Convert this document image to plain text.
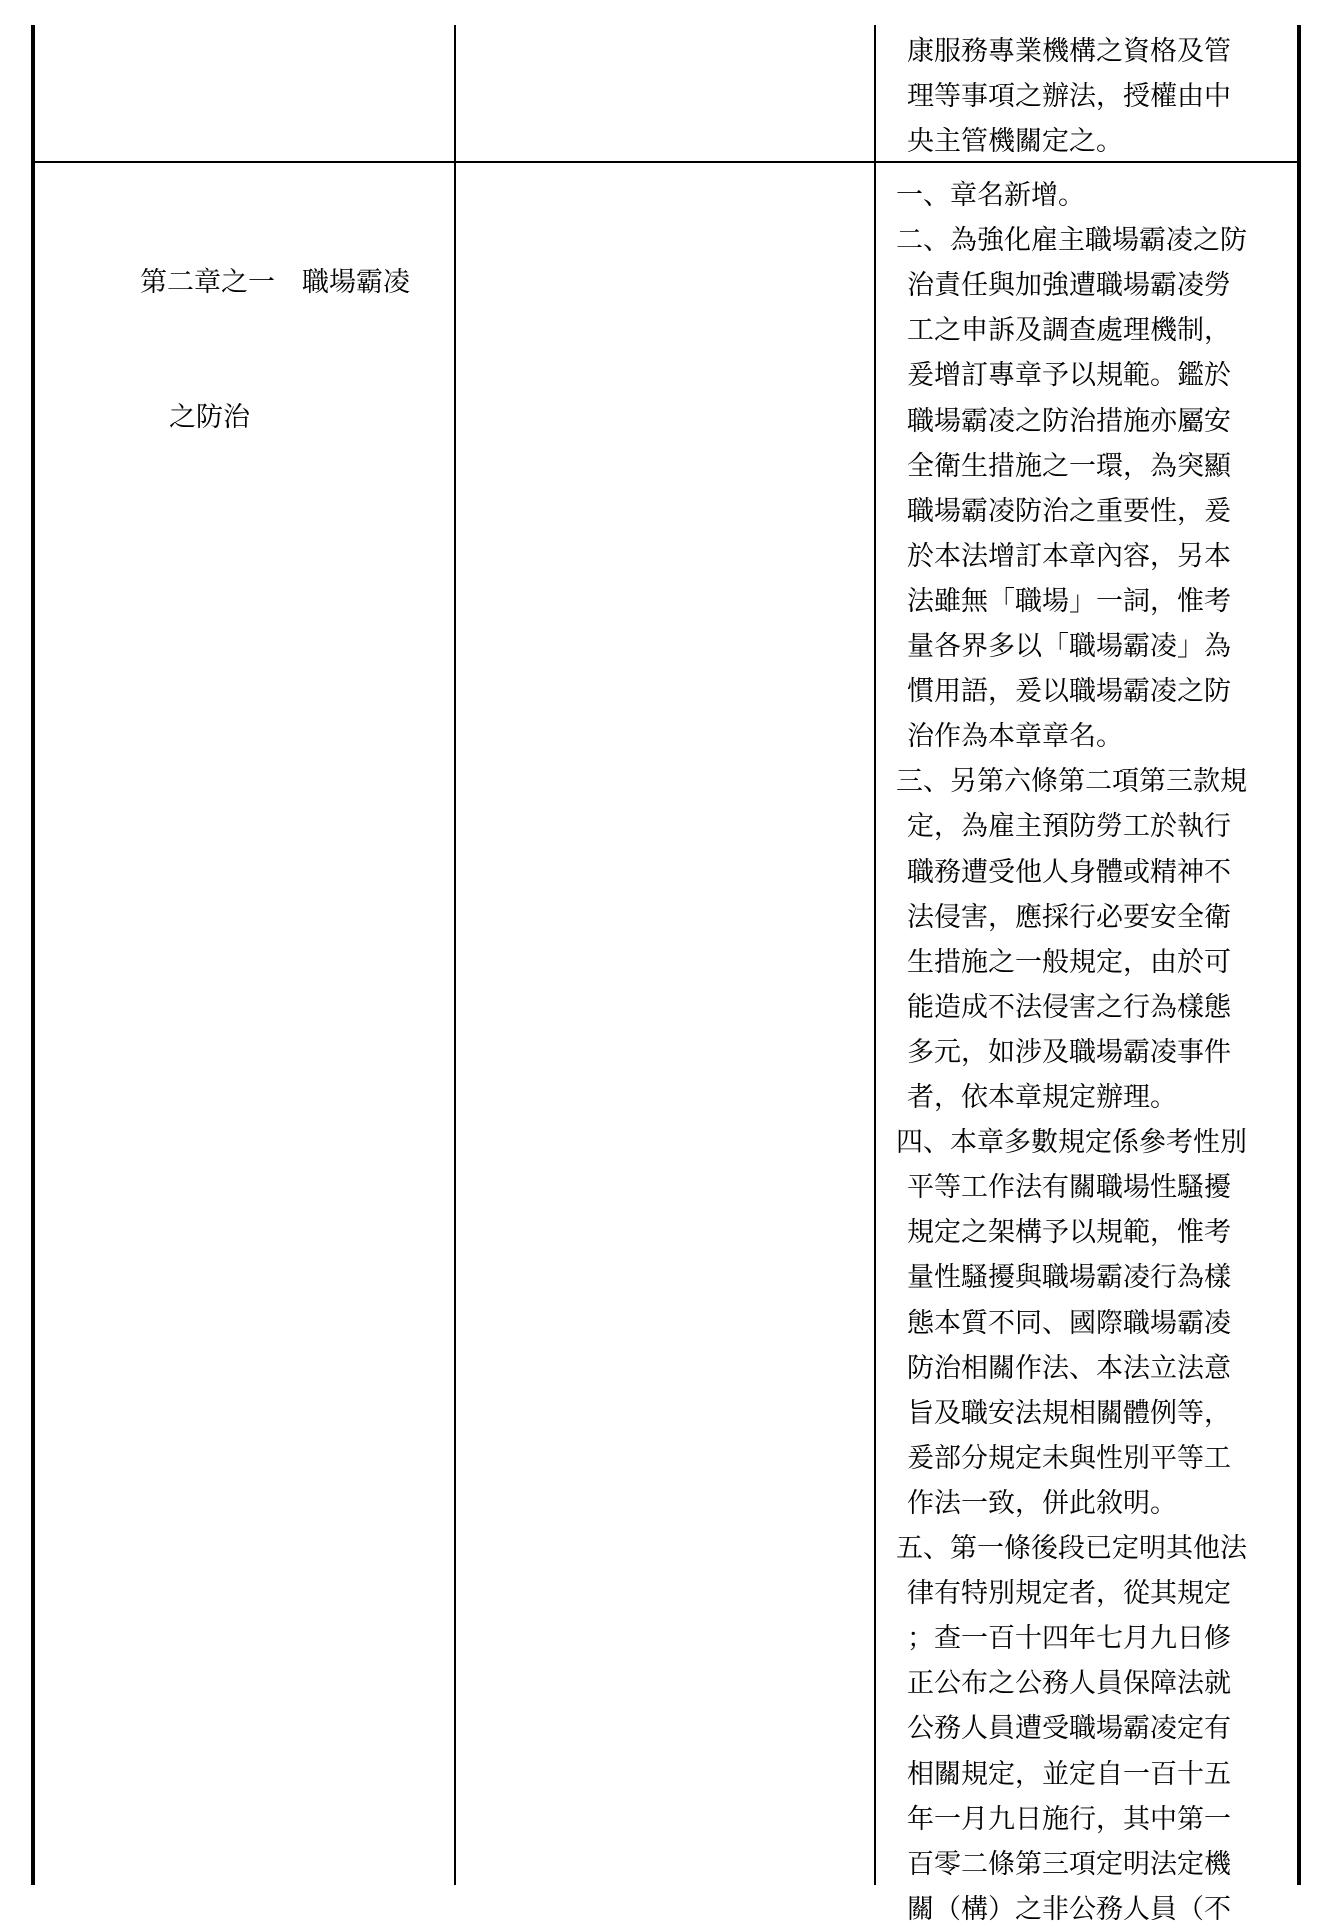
康服務專業機構之資格及管
理等事項之辦法，授權由中
央主管機關定之。

第二章之一　職場霸凌

之防治

一、章名新增。
二、為強化雇主職場霸凌之防
治責任與加強遭職場霸凌勞
工之申訴及調查處理機制，
爰增訂專章予以規範。鑑於
職場霸凌之防治措施亦屬安
全衛生措施之一環，為突顯
職場霸凌防治之重要性，爰
於本法增訂本章內容，另本
法雖無「職場」一詞，惟考
量各界多以「職場霸凌」為
慣用語，爰以職場霸凌之防
治作為本章章名。
三、另第六條第二項第三款規
定，為雇主預防勞工於執行
職務遭受他人身體或精神不
法侵害，應採行必要安全衛
生措施之一般規定，由於可
能造成不法侵害之行為樣態
多元，如涉及職場霸凌事件
者，依本章規定辦理。
四、本章多數規定係參考性別
平等工作法有關職場性騷擾
規定之架構予以規範，惟考
量性騷擾與職場霸凌行為樣
態本質不同、國際職場霸凌
防治相關作法、本法立法意
旨及職安法規相關體例等，
爰部分規定未與性別平等工
作法一致，併此敘明。
五、第一條後段已定明其他法
律有特別規定者，從其規定
；查一百十四年七月九日修
正公布之公務人員保障法就
公務人員遭受職場霸凌定有
相關規定，並定自一百十五
年一月九日施行，其中第一
百零二條第三項定明法定機
關（構）之非公務人員（不
